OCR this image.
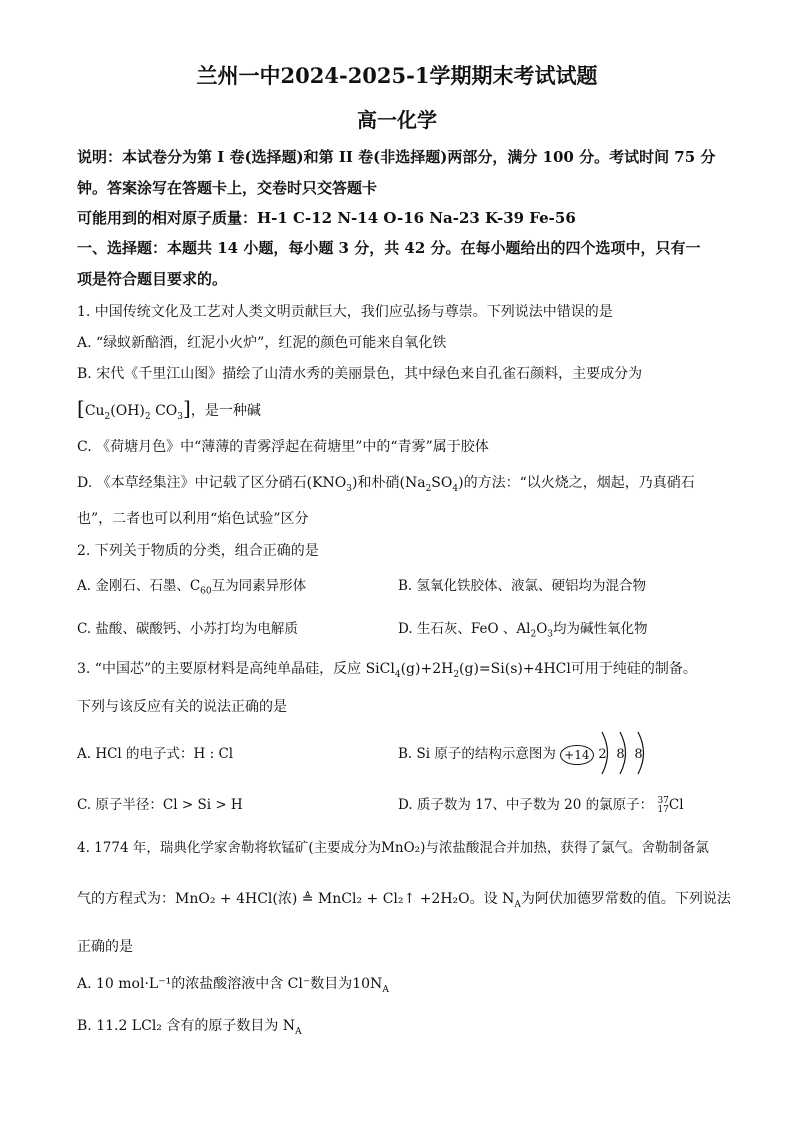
兰州一中2024-2025-1学期期末考试试题
高一化学
说明：本试卷分为第 I 卷(选择题)和第 II 卷(非选择题)两部分，满分 100 分。考试时间 75 分
钟。答案涂写在答题卡上，交卷时只交答题卡
可能用到的相对原子质量：H-1 C-12 N-14 O-16 Na-23 K-39 Fe-56
一、选择题：本题共 14 小题，每小题 3 分，共 42 分。在每小题给出的四个选项中，只有一
项是符合题目要求的。
1. 中国传统文化及工艺对人类文明贡献巨大，我们应弘扬与尊崇。下列说法中错误的是
A. “绿蚁新醅酒，红泥小火炉”，红泥的颜色可能来自氧化铁
B. 宋代《千里江山图》描绘了山清水秀的美丽景色，其中绿色来自孔雀石颜料，主要成分为
[$Cu_2(OH)_2$ $CO_3$]，是一种碱
C. 《荷塘月色》中“薄薄的青雾浮起在荷塘里”中的“青雾”属于胶体
D. 《本草经集注》中记载了区分硝石$(KNO_3)$和朴硝$(Na_2SO_4)$的方法：“以火烧之，烟起，乃真硝石
也”，二者也可以利用“焰色试验”区分
2. 下列关于物质的分类，组合正确的是
A. 金刚石、石墨、$C_{60}$互为同素异形体	B. 氢氧化铁胶体、液氯、硬铝均为混合物
C. 盐酸、碳酸钙、小苏打均为电解质	D. 生石灰、FeO 、$Al_2O_3$均为碱性氧化物
3. “中国芯”的主要原材料是高纯单晶硅，反应 $SiCl_4(g)+2H_2(g)=Si(s)+4HCl$可用于纯硅的制备。
下列与该反应有关的说法正确的是
A. HCl 的电子式：H : Cl	B. Si 原子的结构示意图为 +14 2 8 8
C. 原子半径：Cl > Si > H	D. 质子数为 17、中子数为 20 的氯原子： 37
17 Cl
4. 1774 年，瑞典化学家舍勒将软锰矿(主要成分为MnO₂)与浓盐酸混合并加热，获得了氯气。舍勒制备氯
气的方程式为：MnO₂ + 4HCl(浓) ≜ MnCl₂ + Cl₂↑ +2H₂O。设 $N_A$为阿伏加德罗常数的值。下列说法
正确的是
A. 10 mol·L⁻¹的浓盐酸溶液中含 Cl⁻数目为$10N_A$
B. 11.2 LCl₂ 含有的原子数目为 $N_A$
